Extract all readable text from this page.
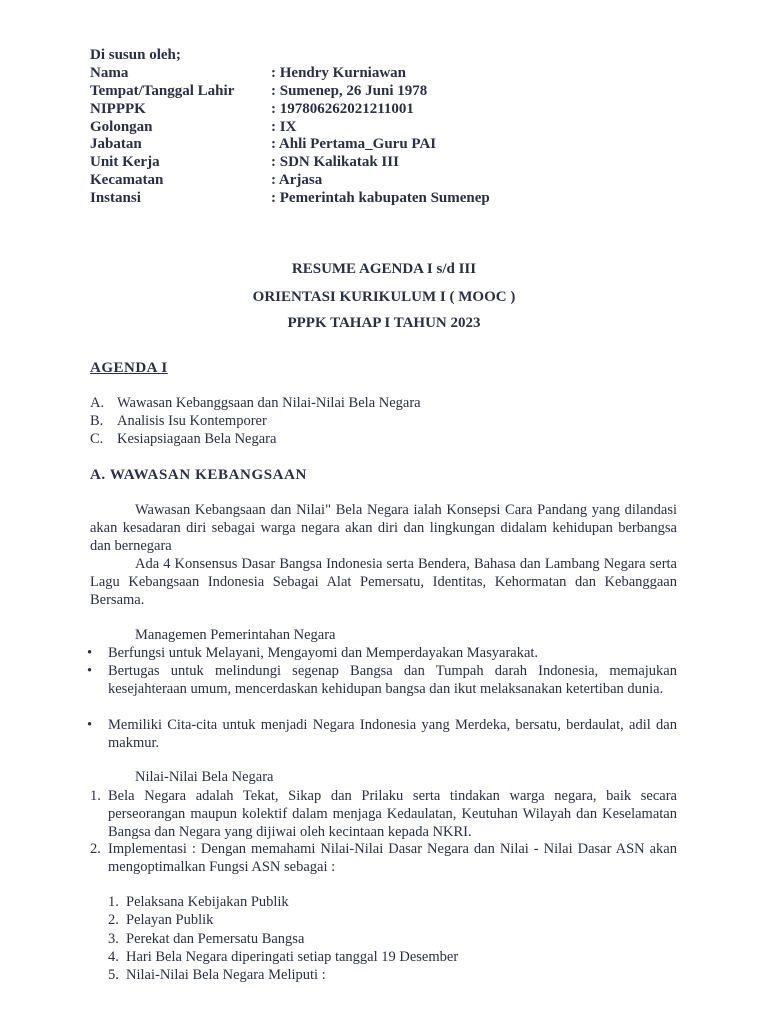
Di susun oleh;
Nama	: Hendry Kurniawan
Tempat/Tanggal Lahir : Sumenep, 26 Juni 1978
NIPPPK	: 197806262021211001
Golongan	: IX
Jabatan	: Ahli Pertama_Guru PAI
Unit Kerja	: SDN Kalikatak III
Kecamatan	: Arjasa
Instansi	: Pemerintah kabupaten Sumenep
RESUME AGENDA I s/d III
ORIENTASI KURIKULUM I ( MOOC )
PPPK TAHAP I TAHUN 2023
AGENDA I
A. Wawasan Kebanggsaan dan Nilai-Nilai Bela Negara
B. Analisis Isu Kontemporer
C. Kesiapsiagaan Bela Negara
A. WAWASAN KEBANGSAAN
Wawasan Kebangsaan dan Nilai" Bela Negara ialah Konsepsi Cara Pandang yang dilandasi akan kesadaran diri sebagai warga negara akan diri dan lingkungan didalam kehidupan berbangsa dan bernegara
Ada 4 Konsensus Dasar Bangsa Indonesia serta Bendera, Bahasa dan Lambang Negara serta Lagu Kebangsaan Indonesia Sebagai Alat Pemersatu, Identitas, Kehormatan dan Kebanggaan Bersama.
Managemen Pemerintahan Negara
• Berfungsi untuk Melayani, Mengayomi dan Memperdayakan Masyarakat.
• Bertugas untuk melindungi segenap Bangsa dan Tumpah darah Indonesia, memajukan kesejahteraan umum, mencerdaskan kehidupan bangsa dan ikut melaksanakan ketertiban dunia.
• Memiliki Cita-cita untuk menjadi Negara Indonesia yang Merdeka, bersatu, berdaulat, adil dan makmur.
Nilai-Nilai Bela Negara
1. Bela Negara adalah Tekat, Sikap dan Prilaku serta tindakan warga negara, baik secara perseorangan maupun kolektif dalam menjaga Kedaulatan, Keutuhan Wilayah dan Keselamatan Bangsa dan Negara yang dijiwai oleh kecintaan kepada NKRI.
2. Implementasi : Dengan memahami Nilai-Nilai Dasar Negara dan Nilai - Nilai Dasar ASN akan mengoptimalkan Fungsi ASN sebagai :
1. Pelaksana Kebijakan Publik
2. Pelayan Publik
3. Perekat dan Pemersatu Bangsa
4. Hari Bela Negara diperingati setiap tanggal 19 Desember
5. Nilai-Nilai Bela Negara Meliputi :
